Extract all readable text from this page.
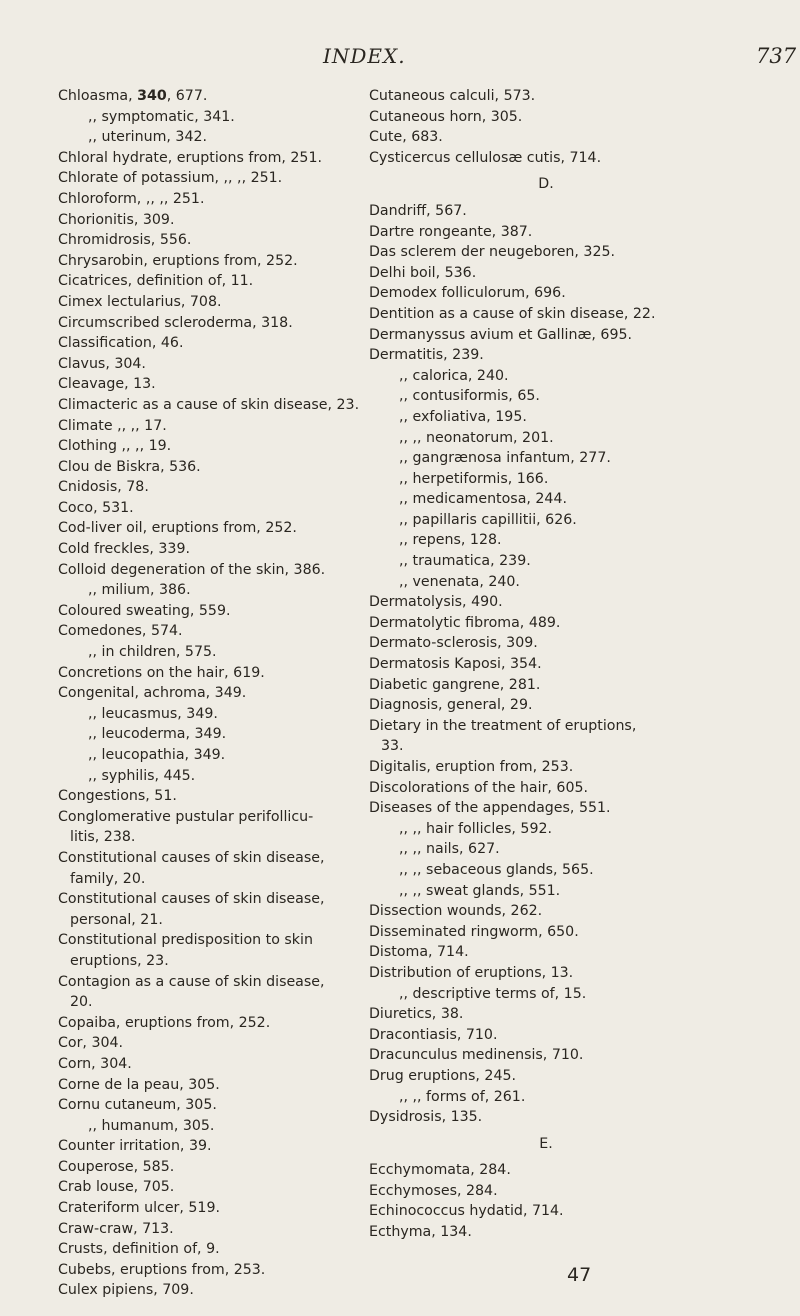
INDEX.	737
Chloasma, 340, 677.
,, symptomatic, 341.
,, uterinum, 342.
Chloral hydrate, eruptions from, 251.
Chlorate of potassium, ,, ,, 251.
Chloroform, ,, ,, 251.
Chorionitis, 309.
Chromidrosis, 556.
Chrysarobin, eruptions from, 252.
Cicatrices, definition of, 11.
Cimex lectularius, 708.
Circumscribed scleroderma, 318.
Classification, 46.
Clavus, 304.
Cleavage, 13.
Climacteric as a cause of skin disease, 23.
Climate ,, ,, 17.
Clothing ,, ,, 19.
Clou de Biskra, 536.
Cnidosis, 78.
Coco, 531.
Cod-liver oil, eruptions from, 252.
Cold freckles, 339.
Colloid degeneration of the skin, 386.
,, milium, 386.
Coloured sweating, 559.
Comedones, 574.
,, in children, 575.
Concretions on the hair, 619.
Congenital, achroma, 349.
,, leucasmus, 349.
,, leucoderma, 349.
,, leucopathia, 349.
,, syphilis, 445.
Congestions, 51.
Conglomerative pustular perifollicu-
litis, 238.
Constitutional causes of skin disease,
family, 20.
Constitutional causes of skin disease,
personal, 21.
Constitutional predisposition to skin
eruptions, 23.
Contagion as a cause of skin disease,
20.
Copaiba, eruptions from, 252.
Cor, 304.
Corn, 304.
Corne de la peau, 305.
Cornu cutaneum, 305.
,, humanum, 305.
Counter irritation, 39.
Couperose, 585.
Crab louse, 705.
Crateriform ulcer, 519.
Craw-craw, 713.
Crusts, definition of, 9.
Cubebs, eruptions from, 253.
Culex pipiens, 709.
Cutaneous calculi, 573.
Cutaneous horn, 305.
Cute, 683.
Cysticercus cellulosæ cutis, 714.
D.
Dandriff, 567.
Dartre rongeante, 387.
Das sclerem der neugeboren, 325.
Delhi boil, 536.
Demodex folliculorum, 696.
Dentition as a cause of skin disease, 22.
Dermanyssus avium et Gallinæ, 695.
Dermatitis, 239.
,, calorica, 240.
,, contusiformis, 65.
,, exfoliativa, 195.
,, ,, neonatorum, 201.
,, gangrænosa infantum, 277.
,, herpetiformis, 166.
,, medicamentosa, 244.
,, papillaris capillitii, 626.
,, repens, 128.
,, traumatica, 239.
,, venenata, 240.
Dermatolysis, 490.
Dermatolytic fibroma, 489.
Dermato-sclerosis, 309.
Dermatosis Kaposi, 354.
Diabetic gangrene, 281.
Diagnosis, general, 29.
Dietary in the treatment of eruptions,
33.
Digitalis, eruption from, 253.
Discolorations of the hair, 605.
Diseases of the appendages, 551.
,, ,, hair follicles, 592.
,, ,, nails, 627.
,, ,, sebaceous glands, 565.
,, ,, sweat glands, 551.
Dissection wounds, 262.
Disseminated ringworm, 650.
Distoma, 714.
Distribution of eruptions, 13.
,, descriptive terms of, 15.
Diuretics, 38.
Dracontiasis, 710.
Dracunculus medinensis, 710.
Drug eruptions, 245.
,, ,, forms of, 261.
Dysidrosis, 135.
E.
Ecchymomata, 284.
Ecchymoses, 284.
Echinococcus hydatid, 714.
Ecthyma, 134.
47
